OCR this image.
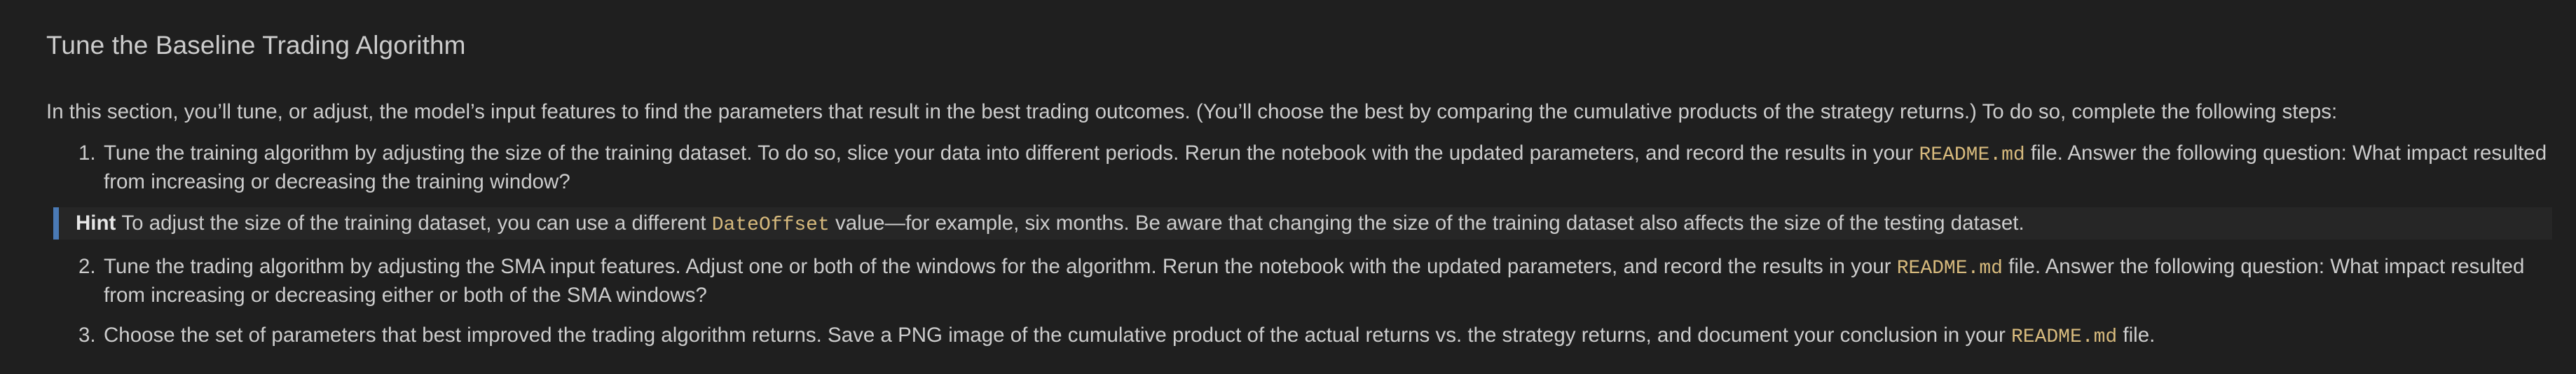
Tune the Baseline Trading Algorithm

In this section, you’ll tune, or adjust, the model’s input features to find the parameters that result in the best trading outcomes. (You’ll choose the best by comparing the cumulative products of the strategy returns.) To do so, complete the following steps:

1. Tune the training algorithm by adjusting the size of the training dataset. To do so, slice your data into different periods. Rerun the notebook with the updated parameters, and record the results in your README.md file. Answer the following question: What impact resulted from increasing or decreasing the training window?
Hint To adjust the size of the training dataset, you can use a different DateOffset value—for example, six months. Be aware that changing the size of the training dataset also affects the size of the testing dataset.
2. Tune the trading algorithm by adjusting the SMA input features. Adjust one or both of the windows for the algorithm. Rerun the notebook with the updated parameters, and record the results in your README.md file. Answer the following question: What impact resulted from increasing or decreasing either or both of the SMA windows?
3. Choose the set of parameters that best improved the trading algorithm returns. Save a PNG image of the cumulative product of the actual returns vs. the strategy returns, and document your conclusion in your README.md file.
